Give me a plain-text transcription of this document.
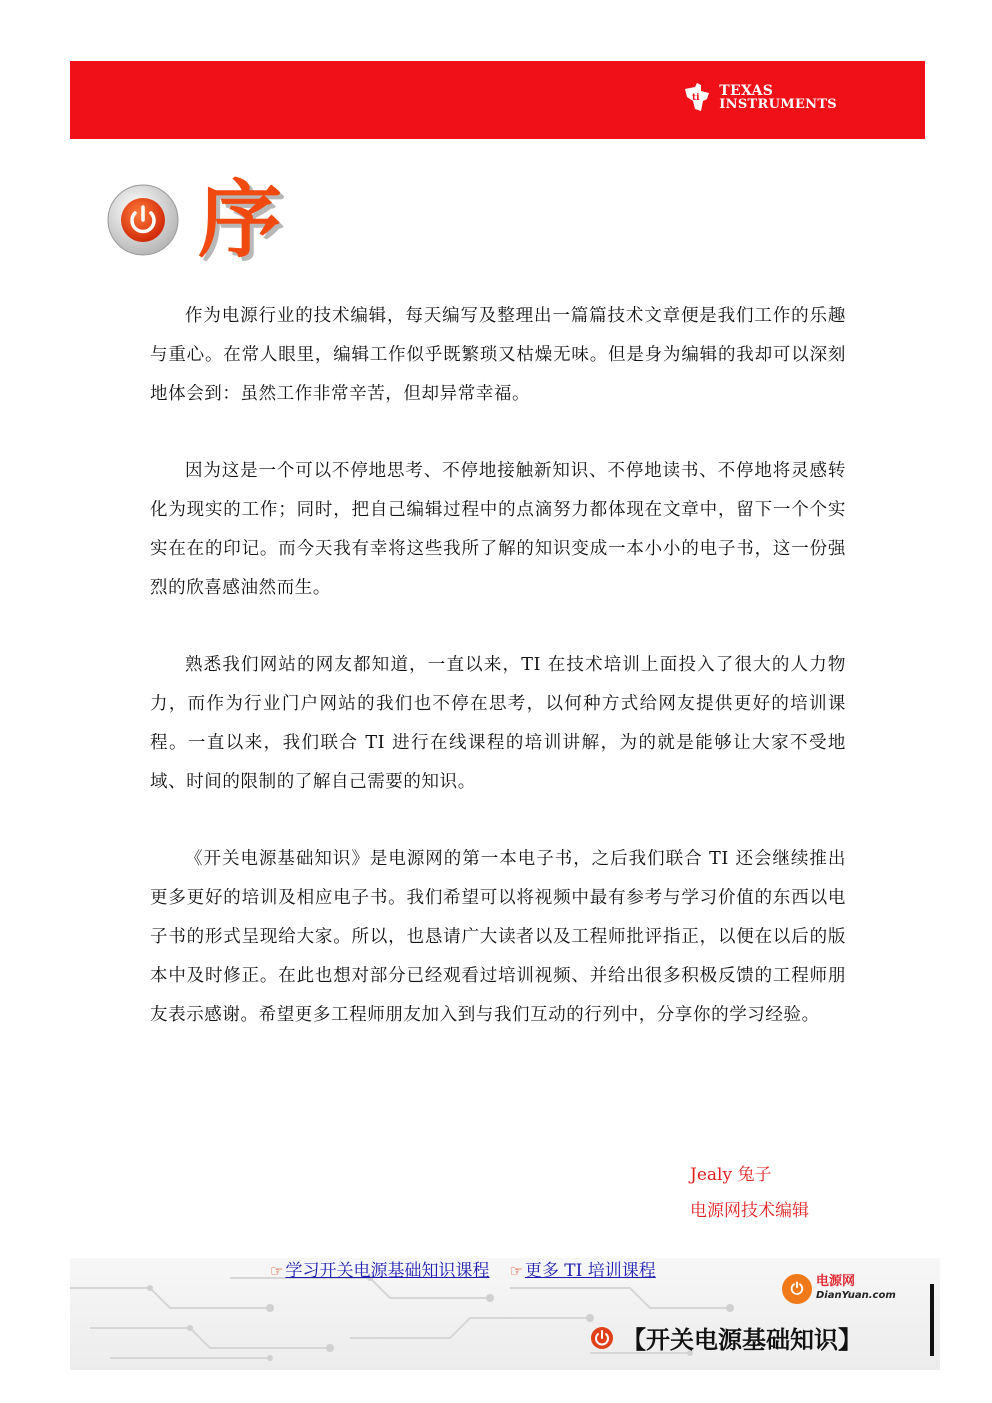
ti TEXAS
INSTRUMENTS
序

作为电源行业的技术编辑，每天编写及整理出一篇篇技术文章便是我们工作的乐趣与重心。在常人眼里，编辑工作似乎既繁琐又枯燥无味。但是身为编辑的我却可以深刻地体会到：虽然工作非常辛苦，但却异常幸福。

因为这是一个可以不停地思考、不停地接触新知识、不停地读书、不停地将灵感转化为现实的工作；同时，把自己编辑过程中的点滴努力都体现在文章中，留下一个个实实在在的印记。而今天我有幸将这些我所了解的知识变成一本小小的电子书，这一份强烈的欣喜感油然而生。

熟悉我们网站的网友都知道，一直以来，TI 在技术培训上面投入了很大的人力物力，而作为行业门户网站的我们也不停在思考，以何种方式给网友提供更好的培训课程。一直以来，我们联合 TI 进行在线课程的培训讲解，为的就是能够让大家不受地域、时间的限制的了解自己需要的知识。

《开关电源基础知识》是电源网的第一本电子书，之后我们联合 TI 还会继续推出更多更好的培训及相应电子书。我们希望可以将视频中最有参考与学习价值的东西以电子书的形式呈现给大家。所以，也恳请广大读者以及工程师批评指正，以便在以后的版本中及时修正。在此也想对部分已经观看过培训视频、并给出很多积极反馈的工程师朋友表示感谢。希望更多工程师朋友加入到与我们互动的行列中，分享你的学习经验。

Jealy 兔子
电源网技术编辑
☞ 学习开关电源基础知识课程 ☞ 更多 TI 培训课程
⏻ 电源网
DianYuan.com
【开关电源基础知识】
